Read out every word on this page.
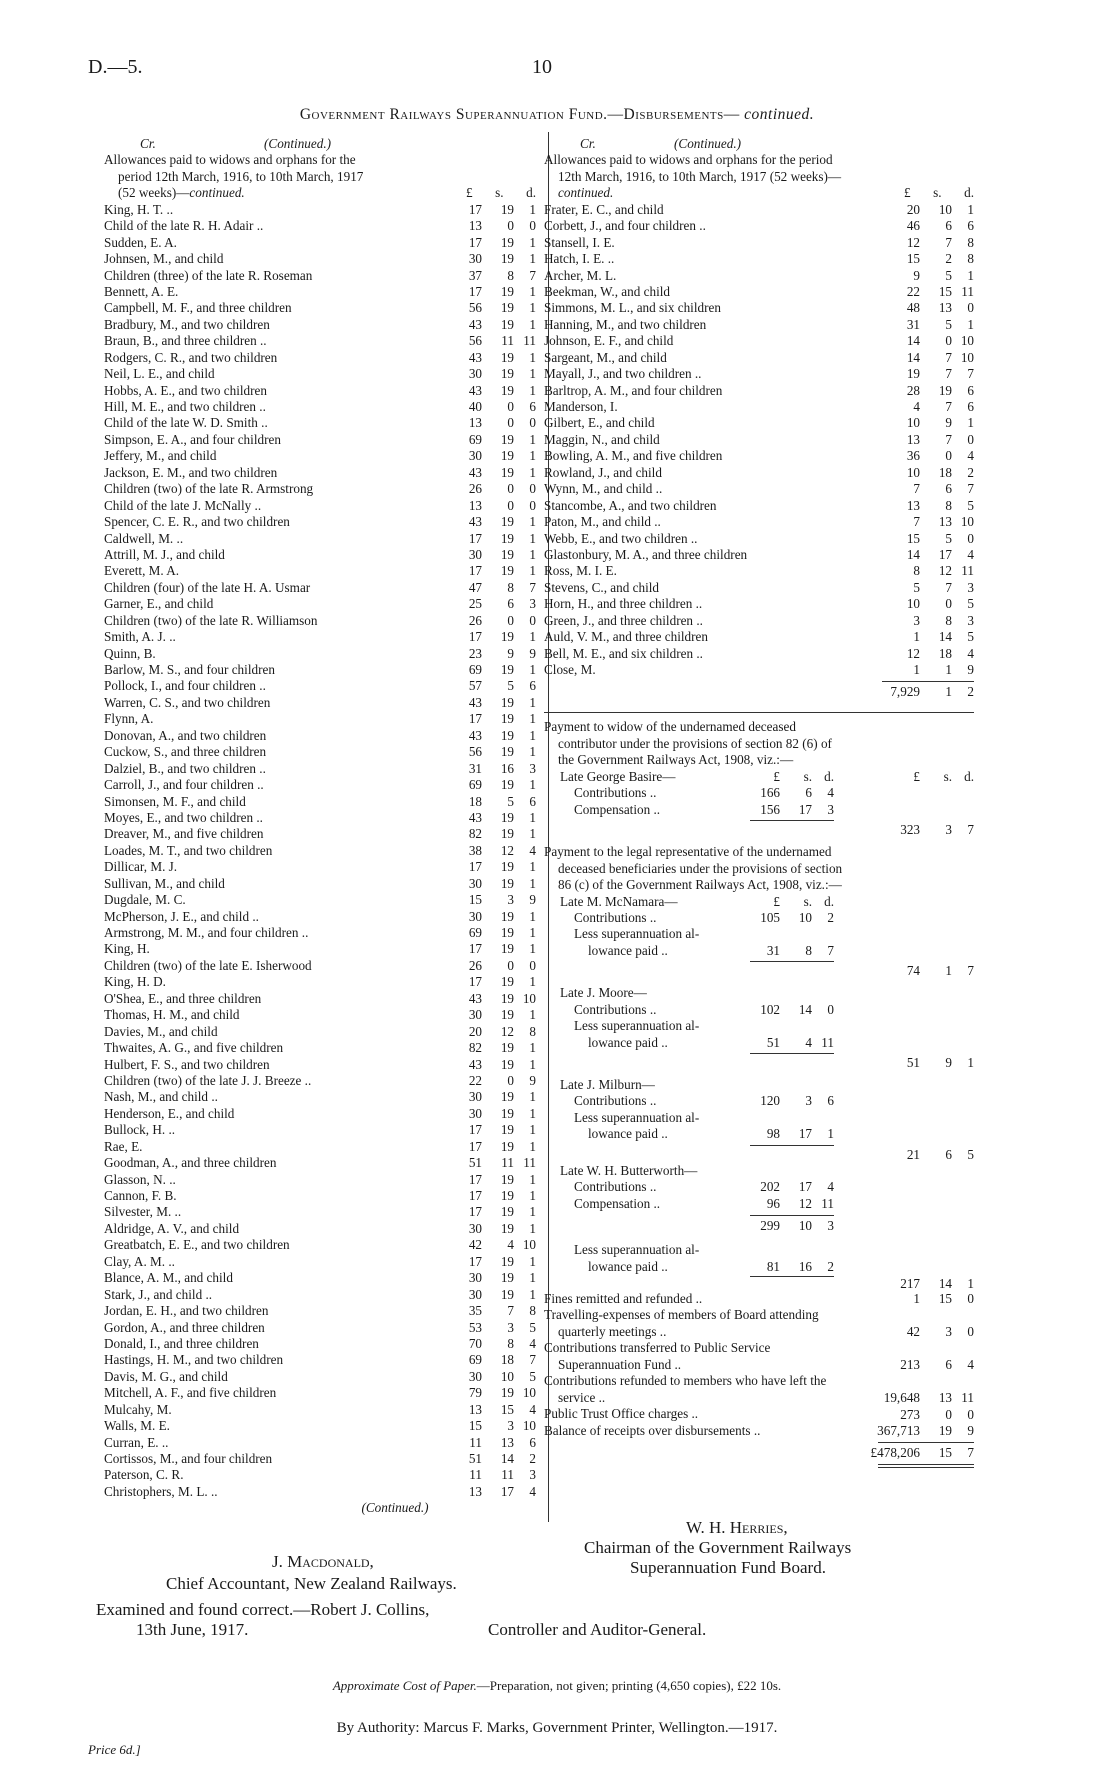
D.—5.	10
Government Railways Superannuation Fund.—Disbursements— continued.
Cr.	(Continued.)
Allowances paid to widows and orphans for the period 12th March, 1916, to 10th March, 1917 (52 weeks)—continued.	£ s. d.
King, H. T. ..	17	19	1
Child of the late R. H. Adair ..	13	0	0
Sudden, E. A.	17	19	1
Johnsen, M., and child	30	19	1
Children (three) of the late R. Roseman	37	8	7
Bennett, A. E.	17	19	1
Campbell, M. F., and three children	56	19	1
Bradbury, M., and two children	43	19	1
Braun, B., and three children ..	56	11 11
Rodgers, C. R., and two children	43	19	1
Neil, L. E., and child	30	19	1
Hobbs, A. E., and two children	43	19	1
Hill, M. E., and two children ..	40	0	6
Child of the late W. D. Smith ..	13	0	0
Simpson, E. A., and four children	69	19	1
Jeffery, M., and child	30	19	1
Jackson, E. M., and two children	43	19	1
Children (two) of the late R. Armstrong	26	0	0
Child of the late J. McNally ..	13	0	0
Spencer, C. E. R., and two children	43	19	1
Caldwell, M. ..	17	19	1
Attrill, M. J., and child	30	19	1
Everett, M. A.	17	19	1
Children (four) of the late H. A. Usmar	47	8	7
Garner, E., and child	25	6	3
Children (two) of the late R. Williamson	26	0	0
Smith, A. J. ..	17	19	1
Quinn, B.	23	9	9
Barlow, M. S., and four children	69	19	1
Pollock, I., and four children ..	57	5	6
Warren, C. S., and two children	43	19	1
Flynn, A.	17	19	1
Donovan, A., and two children	43	19	1
Cuckow, S., and three children	56	19	1
Dalziel, B., and two children ..	31	16	3
Carroll, J., and four children ..	69	19	1
Simonsen, M. F., and child	18	5	6
Moyes, E., and two children ..	43	19	1
Dreaver, M., and five children	82	19	1
Loades, M. T., and two children	38	12	4
Dillicar, M. J.	17	19	1
Sullivan, M., and child	30	19	1
Dugdale, M. C.	15	3	9
McPherson, J. E., and child ..	30	19	1
Armstrong, M. M., and four children ..	69	19	1
King, H.	17	19	1
Children (two) of the late E. Isherwood	26	0	0
King, H. D.	17	19	1
O'Shea, E., and three children	43	19 10
Thomas, H. M., and child	30	19	1
Davies, M., and child	20	12	8
Thwaites, A. G., and five children	82	19	1
Hulbert, F. S., and two children	43	19	1
Children (two) of the late J. J. Breeze ..	22	0	9
Nash, M., and child ..	30	19	1
Henderson, E., and child	30	19	1
Bullock, H. ..	17	19	1
Rae, E.	17	19	1
Goodman, A., and three children	51	11 11
Glasson, N. ..	17	19	1
Cannon, F. B.	17	19	1
Silvester, M. ..	17	19	1
Aldridge, A. V., and child	30	19	1
Greatbatch, E. E., and two children	42	4 10
Clay, A. M. ..	17	19	1
Blance, A. M., and child	30	19	1
Stark, J., and child ..	30	19	1
Jordan, E. H., and two children	35	7	8
Gordon, A., and three children	53	3	5
Donald, I., and three children	70	8	4
Hastings, H. M., and two children	69	18	7
Davis, M. G., and child	30	10	5
Mitchell, A. F., and five children	79	19 10
Mulcahy, M.	13	15	4
Walls, M. E.	15	3 10
Curran, E. ..	11	13	6
Cortissos, M., and four children	51	14	2
Paterson, C. R.	11	11	3
Christophers, M. L. ..	13	17	4
(Continued.)
Cr.	(Continued.)
Allowances paid to widows and orphans for the period 12th March, 1916, to 10th March, 1917 (52 weeks)—continued.	£ s. d.
Frater, E. C., and child	20	10	1
Corbett, J., and four children ..	46	6	6
Stansell, I. E.	12	7	8
Hatch, I. E. ..	15	2	8
Archer, M. L.	9	5	1
Beekman, W., and child	22	15 11
Simmons, M. L., and six children	48	13	0
Hanning, M., and two children	31	5	1
Johnson, E. F., and child	14	0 10
Sargeant, M., and child	14	7 10
Mayall, J., and two children ..	19	7	7
Barltrop, A. M., and four children	28	19	6
Manderson, I.	4	7	6
Gilbert, E., and child	10	9	1
Maggin, N., and child	13	7	0
Bowling, A. M., and five children	36	0	4
Rowland, J., and child	10	18	2
Wynn, M., and child ..	7	6	7
Stancombe, A., and two children	13	8	5
Paton, M., and child ..	7	13 10
Webb, E., and two children ..	15	5	0
Glastonbury, M. A., and three children	14	17	4
Ross, M. I. E.	8	12 11
Stevens, C., and child	5	7	3
Horn, H., and three children ..	10	0	5
Green, J., and three children ..	3	8	3
Auld, V. M., and three children	1	14	5
Bell, M. E., and six children ..	12	18	4
Close, M.	1	1	9
7,929	1	2
Payment to widow of the undernamed deceased contributor under the provisions of section 82 (6) of the Government Railways Act, 1908, viz.:—
Late George Basire—	£	s. d.	£	s. d.
Contributions ..	166	6	4
Compensation ..	156	17	3
323	3	7
Payment to the legal representative of the undernamed deceased beneficiaries under the provisions of section 86 (c) of the Government Railways Act, 1908, viz.:—
Late M. McNamara—	£	s. d.
Contributions ..	105	10	2
Less superannuation al-
lowance paid ..	31	8	7
74	1	7
Late J. Moore—
Contributions ..	102	14	0
Less superannuation al-
lowance paid ..	51	4 11
51	9	1
Late J. Milburn—
Contributions ..	120	3	6
Less superannuation al-
lowance paid ..	98	17	1
21	6	5
Late W. H. Butterworth—
Contributions ..	202	17	4
Compensation ..	96	12 11
299	10	3
Less superannuation al-
lowance paid ..	81	16	2
217	14	1
Fines remitted and refunded ..	1	15	0
Travelling-expenses of members of Board attending quarterly meetings ..	42	3	0
Contributions transferred to Public Service Superannuation Fund ..	213	6	4
Contributions refunded to members who have left the service ..	19,648	13 11
Public Trust Office charges ..	273	0	0
Balance of receipts over disbursements ..	367,713	19	9
£478,206	15	7
W. H. Herries,
Chairman of the Government Railways
Superannuation Fund Board.
J. Macdonald,
Chief Accountant, New Zealand Railways.
Examined and found correct.—Robert J. Collins,
13th June, 1917.	Controller and Auditor-General.
Approximate Cost of Paper.—Preparation, not given; printing (4,650 copies), £22 10s.
By Authority: Marcus F. Marks, Government Printer, Wellington.—1917.
Price 6d.]
